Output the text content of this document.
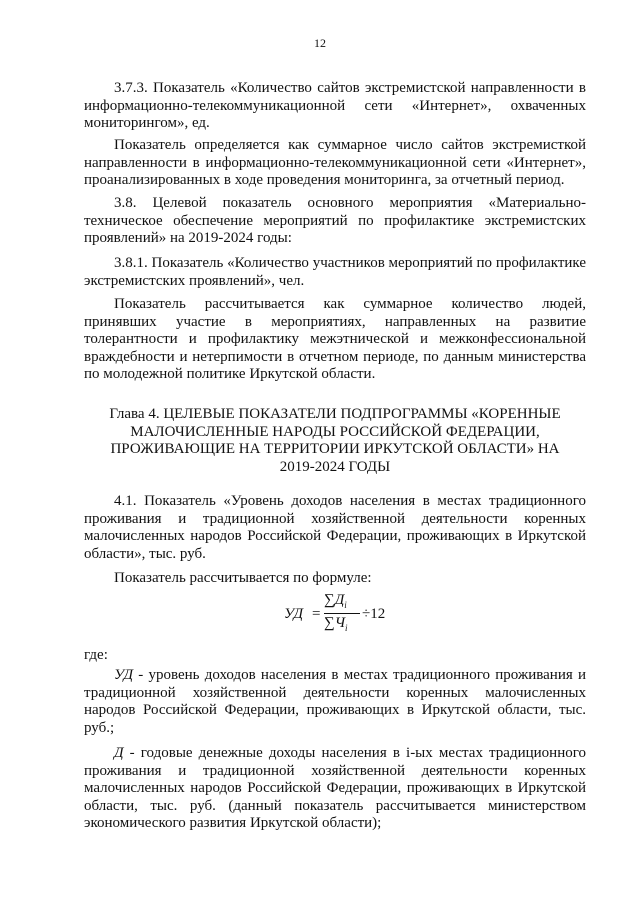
12

3.7.3. Показатель «Количество сайтов экстремистской направленности в информационно-телекоммуникационной сети «Интернет», охваченных мониторингом», ед.

Показатель определяется как суммарное число сайтов экстремисткой направленности в информационно-телекоммуникационной сети «Интернет», проанализированных в ходе проведения мониторинга, за отчетный период.

3.8. Целевой показатель основного мероприятия «Материально-техническое обеспечение мероприятий по профилактике экстремистских проявлений» на 2019-2024 годы:

3.8.1. Показатель «Количество участников мероприятий по профилактике экстремистских проявлений», чел.

Показатель рассчитывается как суммарное количество людей, принявших участие в мероприятиях, направленных на развитие толерантности и профилактику межэтнической и межконфессиональной враждебности и нетерпимости в отчетном периоде, по данным министерства по молодежной политике Иркутской области.

Глава 4. ЦЕЛЕВЫЕ ПОКАЗАТЕЛИ ПОДПРОГРАММЫ «КОРЕННЫЕ МАЛОЧИСЛЕННЫЕ НАРОДЫ РОССИЙСКОЙ ФЕДЕРАЦИИ, ПРОЖИВАЮЩИЕ НА ТЕРРИТОРИИ ИРКУТСКОЙ ОБЛАСТИ» НА 2019-2024 ГОДЫ

4.1. Показатель «Уровень доходов населения в местах традиционного проживания и традиционной хозяйственной деятельности коренных малочисленных народов Российской Федерации, проживающих в Иркутской области», тыс. руб.

Показатель рассчитывается по формуле:

УД =
$\sum Д_i$
$\sum Ч_i$
÷12

где:

УД - уровень доходов населения в местах традиционного проживания и традиционной хозяйственной деятельности коренных малочисленных народов Российской Федерации, проживающих в Иркутской области, тыс. руб.;

Д - годовые денежные доходы населения в i-ых местах традиционного проживания и традиционной хозяйственной деятельности коренных малочисленных народов Российской Федерации, проживающих в Иркутской области, тыс. руб. (данный показатель рассчитывается министерством экономического развития Иркутской области);
